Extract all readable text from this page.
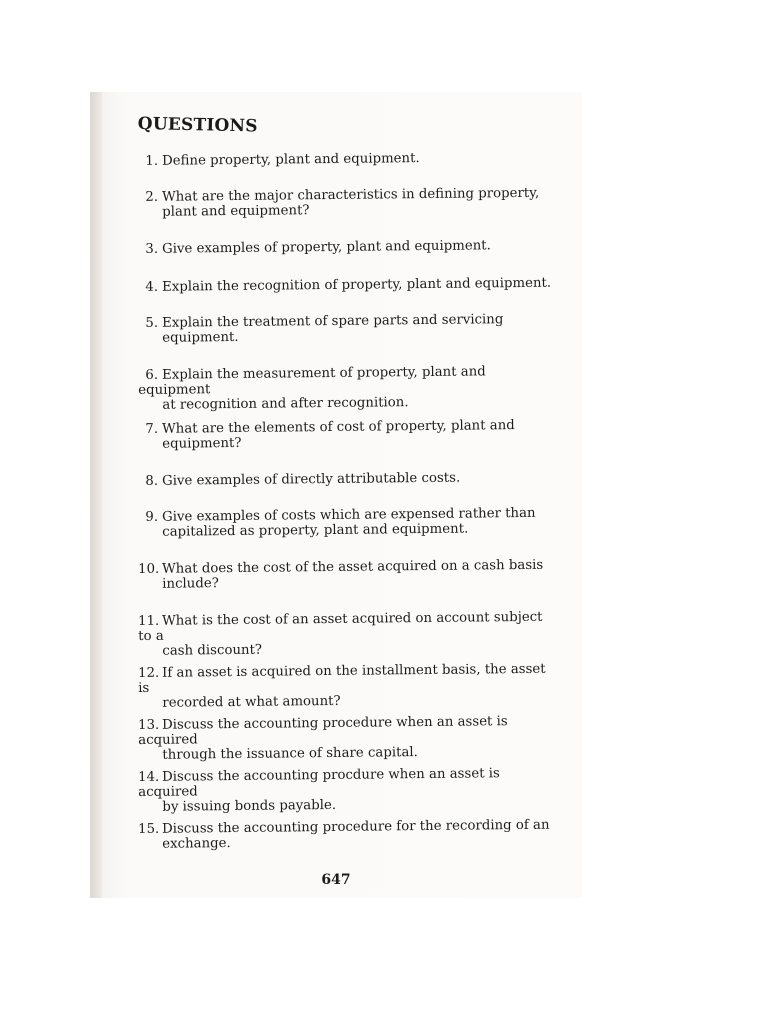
QUESTIONS
1. Define property, plant and equipment.
2. What are the major characteristics in defining property,
plant and equipment?
3. Give examples of property, plant and equipment.
4. Explain the recognition of property, plant and equipment.
5. Explain the treatment of spare parts and servicing
equipment.
6. Explain the measurement of property, plant and equipment
at recognition and after recognition.
7. What are the elements of cost of property, plant and
equipment?
8. Give examples of directly attributable costs.
9. Give examples of costs which are expensed rather than
capitalized as property, plant and equipment.
10. What does the cost of the asset acquired on a cash basis
include?
11. What is the cost of an asset acquired on account subject to a
cash discount?
12. If an asset is acquired on the installment basis, the asset is
recorded at what amount?
13. Discuss the accounting procedure when an asset is acquired
through the issuance of share capital.
14. Discuss the accounting procdure when an asset is acquired
by issuing bonds payable.
15. Discuss the accounting procedure for the recording of an
exchange.
647
